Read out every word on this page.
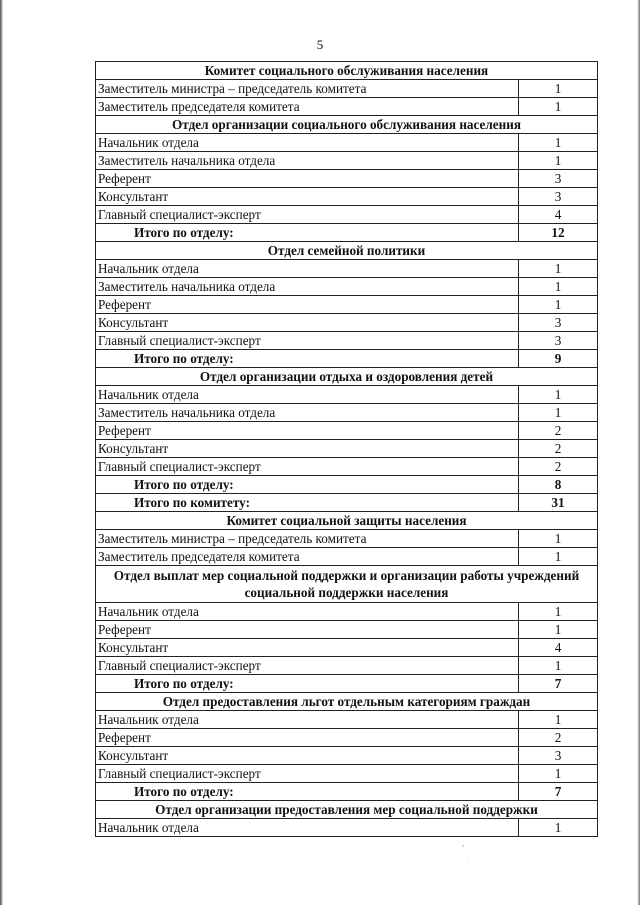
5
Комитет социального обслуживания населения	
Заместитель министра – председатель комитета	1
Заместитель председателя комитета	1
Отдел организации социального обслуживания населения	
Начальник отдела	1
Заместитель начальника отдела	1
Референт	3
Консультант	3
Главный специалист-эксперт	4
Итого по отделу:	12
Отдел семейной политики	
Начальник отдела	1
Заместитель начальника отдела	1
Референт	1
Консультант	3
Главный специалист-эксперт	3
Итого по отделу:	9
Отдел организации отдыха и оздоровления детей	
Начальник отдела	1
Заместитель начальника отдела	1
Референт	2
Консультант	2
Главный специалист-эксперт	2
Итого по отделу:	8
Итого по комитету:	31
Комитет социальной защиты населения	
Заместитель министра – председатель комитета	1
Заместитель председателя комитета	1
Отдел выплат мер социальной поддержки и организации работы учреждений социальной поддержки населения	
Начальник отдела	1
Референт	1
Консультант	4
Главный специалист-эксперт	1
Итого по отделу:	7
Отдел предоставления льгот отдельным категориям граждан	
Начальник отдела	1
Референт	2
Консультант	3
Главный специалист-эксперт	1
Итого по отделу:	7
Отдел организации предоставления мер социальной поддержки	
Начальник отдела	1
